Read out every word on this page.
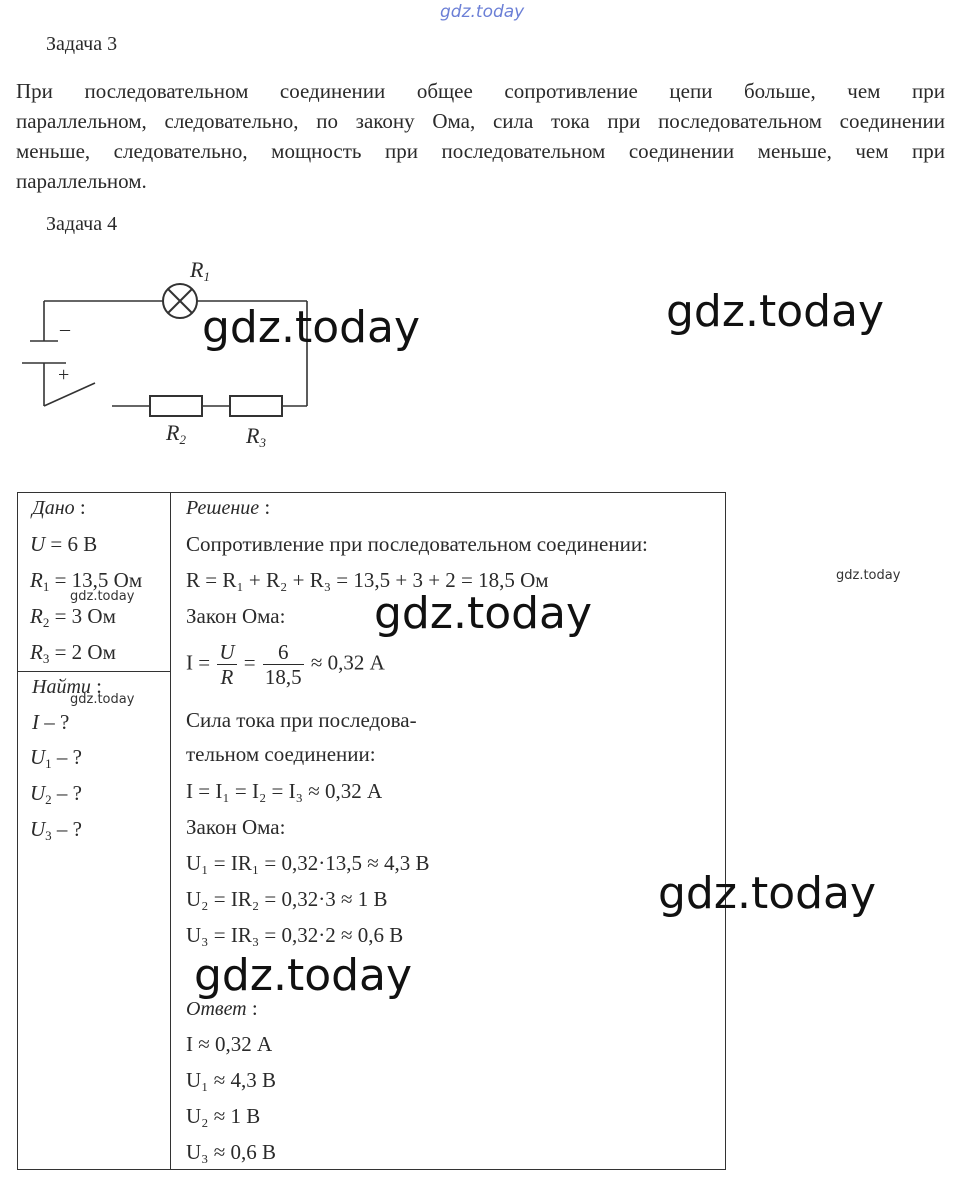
gdz.today
Задача 3
При последовательном соединении общее сопротивление цепи больше, чем при
параллельном, следовательно, по закону Ома, сила тока при последовательном соединении
меньше, следовательно, мощность при последовательном соединении меньше, чем при
параллельном.
Задача 4
$R_1$
–
+
$R_2$	$R_3$
Дано :
U = 6 В
$R_1 = 13,5$ Ом
$R_2 = 3$ Ом
$R_3 = 2$ Ом
Найти :
I – ?
$U_1$ – ?
$U_2$ – ?
$U_3$ – ?
Решение :
Сопротивление при последовательном соединении:
R = R₁ + R₂ + R₃ = 13,5 + 3 + 2 = 18,5 Ом
Закон Ома:
$I = \frac{U}{R} = \frac{6}{18,5} \approx 0,32$ А
Сила тока при последова-
тельном соединении:
I = I₁ = I₂ = I₃ ≈ 0,32 А
Закон Ома:
U₁ = IR₁ = 0,32·13,5 ≈ 4,3 В
U₂ = IR₂ = 0,32·3 ≈ 1 В
U₃ = IR₃ = 0,32·2 ≈ 0,6 В
Ответ :
I ≈ 0,32 А
U₁ ≈ 4,3 В
U₂ ≈ 1 В
U₃ ≈ 0,6 В
gdz.today	gdz.today
gdz.today
gdz.today
gdz.today
gdz.today
gdz.today
gdz.today
